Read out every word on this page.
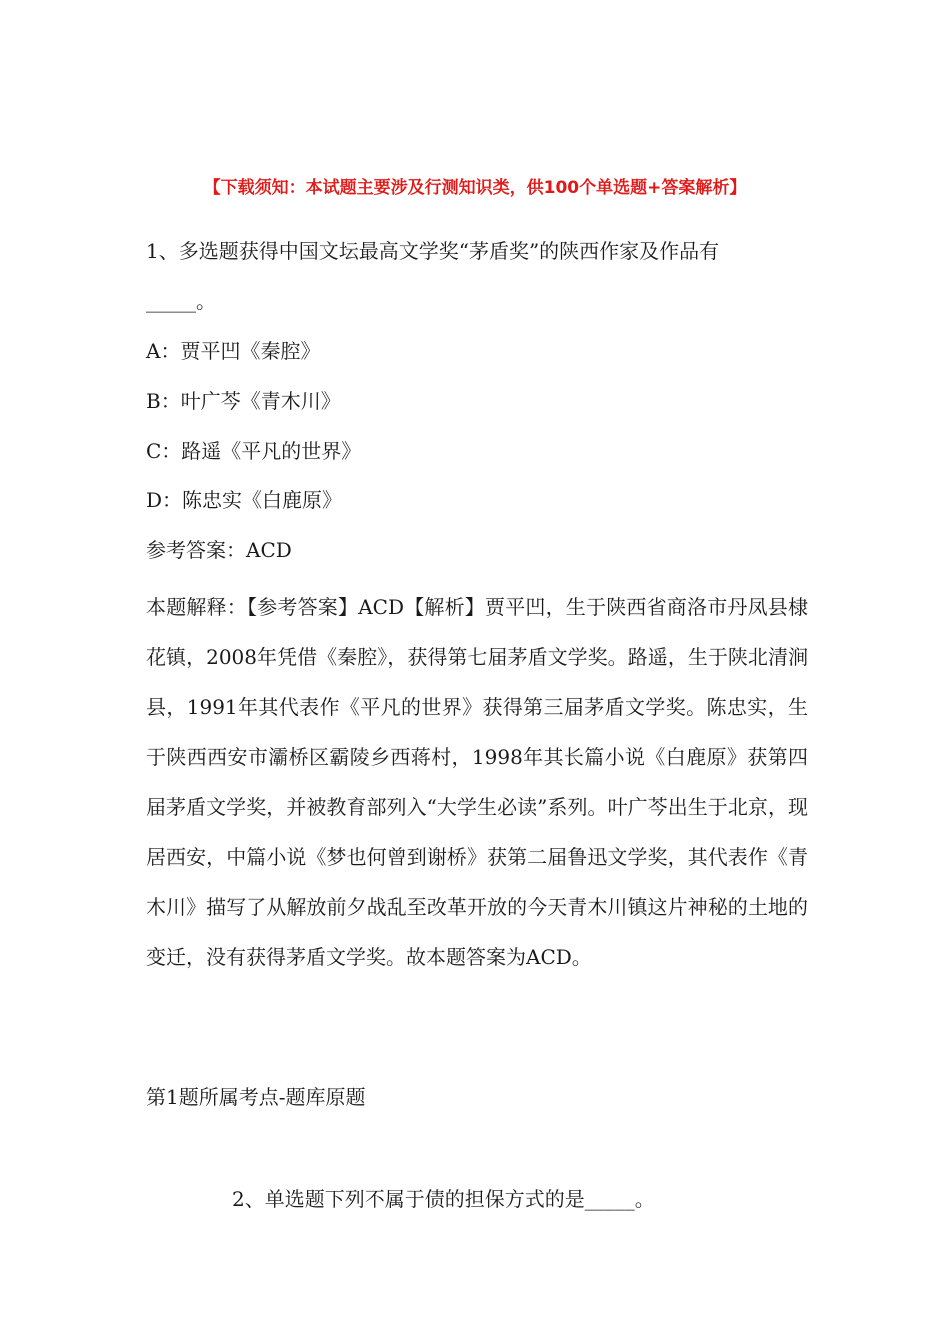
【下载须知：本试题主要涉及行测知识类，供100个单选题+答案解析】
1、多选题获得中国文坛最高文学奖“茅盾奖”的陕西作家及作品有
_____。
A：贾平凹《秦腔》
B：叶广芩《青木川》
C：路遥《平凡的世界》
D：陈忠实《白鹿原》
参考答案：ACD
本题解释：【参考答案】ACD【解析】贾平凹，生于陕西省商洛市丹凤县棣花镇，2008年凭借《秦腔》，获得第七届茅盾文学奖。路遥，生于陕北清涧县，1991年其代表作《平凡的世界》获得第三届茅盾文学奖。陈忠实，生于陕西西安市灞桥区霸陵乡西蒋村，1998年其长篇小说《白鹿原》获第四届茅盾文学奖，并被教育部列入“大学生必读”系列。叶广芩出生于北京，现居西安，中篇小说《梦也何曾到谢桥》获第二届鲁迅文学奖，其代表作《青木川》描写了从解放前夕战乱至改革开放的今天青木川镇这片神秘的土地的变迁，没有获得茅盾文学奖。故本题答案为ACD。
第1题所属考点-题库原题
2、单选题下列不属于债的担保方式的是_____。
